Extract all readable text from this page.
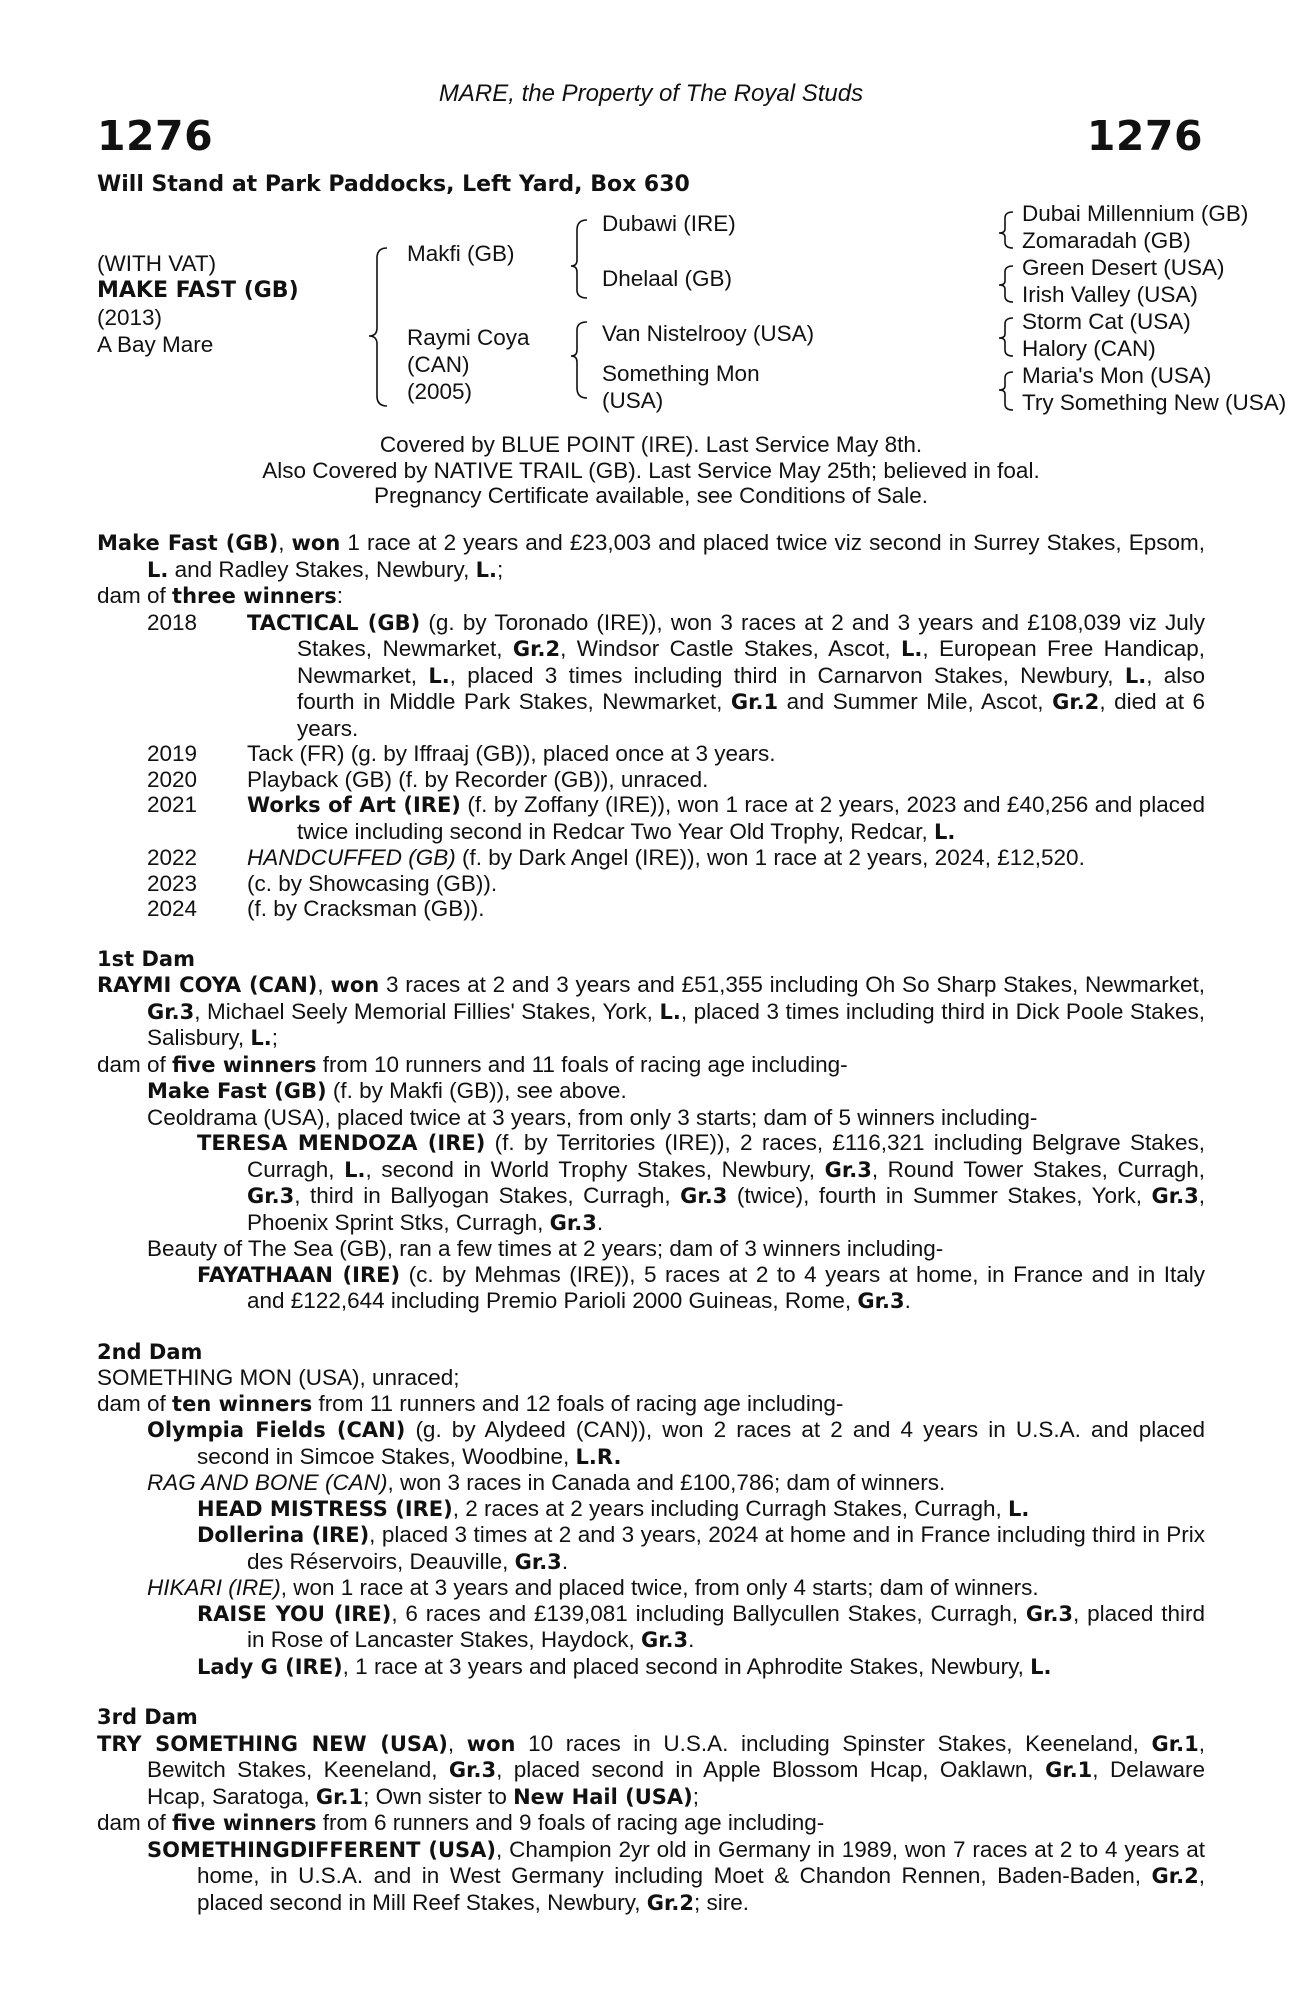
MARE, the Property of The Royal Studs
1276	1276
Will Stand at Park Paddocks, Left Yard, Box 630
(WITH VAT)
MAKE FAST (GB)
(2013)
A Bay Mare
Makfi (GB)
Raymi Coya
(CAN)
(2005)
Dubawi (IRE)
Dhelaal (GB)
Van Nistelrooy (USA)
Something Mon
(USA)
Dubai Millennium (GB)
Zomaradah (GB)
Green Desert (USA)
Irish Valley (USA)
Storm Cat (USA)
Halory (CAN)
Maria's Mon (USA)
Try Something New (USA)
Covered by BLUE POINT (IRE). Last Service May 8th.
Also Covered by NATIVE TRAIL (GB). Last Service May 25th; believed in foal.
Pregnancy Certificate available, see Conditions of Sale.

Make Fast (GB), won 1 race at 2 years and £23,003 and placed twice viz second in Surrey Stakes, Epsom, L. and Radley Stakes, Newbury, L.;

dam of three winners:

2018	TACTICAL (GB) (g. by Toronado (IRE)), won 3 races at 2 and 3 years and £108,039 viz July Stakes, Newmarket, Gr.2, Windsor Castle Stakes, Ascot, L., European Free Handicap, Newmarket, L., placed 3 times including third in Carnarvon Stakes, Newbury, L., also fourth in Middle Park Stakes, Newmarket, Gr.1 and Summer Mile, Ascot, Gr.2, died at 6 years.
2019	Tack (FR) (g. by Iffraaj (GB)), placed once at 3 years.
2020	Playback (GB) (f. by Recorder (GB)), unraced.
2021	Works of Art (IRE) (f. by Zoffany (IRE)), won 1 race at 2 years, 2023 and £40,256 and placed twice including second in Redcar Two Year Old Trophy, Redcar, L.
2022	HANDCUFFED (GB) (f. by Dark Angel (IRE)), won 1 race at 2 years, 2024, £12,520.
2023	(c. by Showcasing (GB)).
2024	(f. by Cracksman (GB)).
1st Dam

RAYMI COYA (CAN), won 3 races at 2 and 3 years and £51,355 including Oh So Sharp Stakes, Newmarket, Gr.3, Michael Seely Memorial Fillies' Stakes, York, L., placed 3 times including third in Dick Poole Stakes, Salisbury, L.;

dam of five winners from 10 runners and 11 foals of racing age including-

Make Fast (GB) (f. by Makfi (GB)), see above.

Ceoldrama (USA), placed twice at 3 years, from only 3 starts; dam of 5 winners including-

TERESA MENDOZA (IRE) (f. by Territories (IRE)), 2 races, £116,321 including Belgrave Stakes, Curragh, L., second in World Trophy Stakes, Newbury, Gr.3, Round Tower Stakes, Curragh, Gr.3, third in Ballyogan Stakes, Curragh, Gr.3 (twice), fourth in Summer Stakes, York, Gr.3, Phoenix Sprint Stks, Curragh, Gr.3.

Beauty of The Sea (GB), ran a few times at 2 years; dam of 3 winners including-

FAYATHAAN (IRE) (c. by Mehmas (IRE)), 5 races at 2 to 4 years at home, in France and in Italy and £122,644 including Premio Parioli 2000 Guineas, Rome, Gr.3.

2nd Dam

SOMETHING MON (USA), unraced;

dam of ten winners from 11 runners and 12 foals of racing age including-

Olympia Fields (CAN) (g. by Alydeed (CAN)), won 2 races at 2 and 4 years in U.S.A. and placed second in Simcoe Stakes, Woodbine, L.R.

RAG AND BONE (CAN), won 3 races in Canada and £100,786; dam of winners.

HEAD MISTRESS (IRE), 2 races at 2 years including Curragh Stakes, Curragh, L.

Dollerina (IRE), placed 3 times at 2 and 3 years, 2024 at home and in France including third in Prix des Réservoirs, Deauville, Gr.3.

HIKARI (IRE), won 1 race at 3 years and placed twice, from only 4 starts; dam of winners.

RAISE YOU (IRE), 6 races and £139,081 including Ballycullen Stakes, Curragh, Gr.3, placed third in Rose of Lancaster Stakes, Haydock, Gr.3.

Lady G (IRE), 1 race at 3 years and placed second in Aphrodite Stakes, Newbury, L.

3rd Dam

TRY SOMETHING NEW (USA), won 10 races in U.S.A. including Spinster Stakes, Keeneland, Gr.1, Bewitch Stakes, Keeneland, Gr.3, placed second in Apple Blossom Hcap, Oaklawn, Gr.1, Delaware Hcap, Saratoga, Gr.1; Own sister to New Hail (USA);

dam of five winners from 6 runners and 9 foals of racing age including-

SOMETHINGDIFFERENT (USA), Champion 2yr old in Germany in 1989, won 7 races at 2 to 4 years at home, in U.S.A. and in West Germany including Moet & Chandon Rennen, Baden-Baden, Gr.2, placed second in Mill Reef Stakes, Newbury, Gr.2; sire.
